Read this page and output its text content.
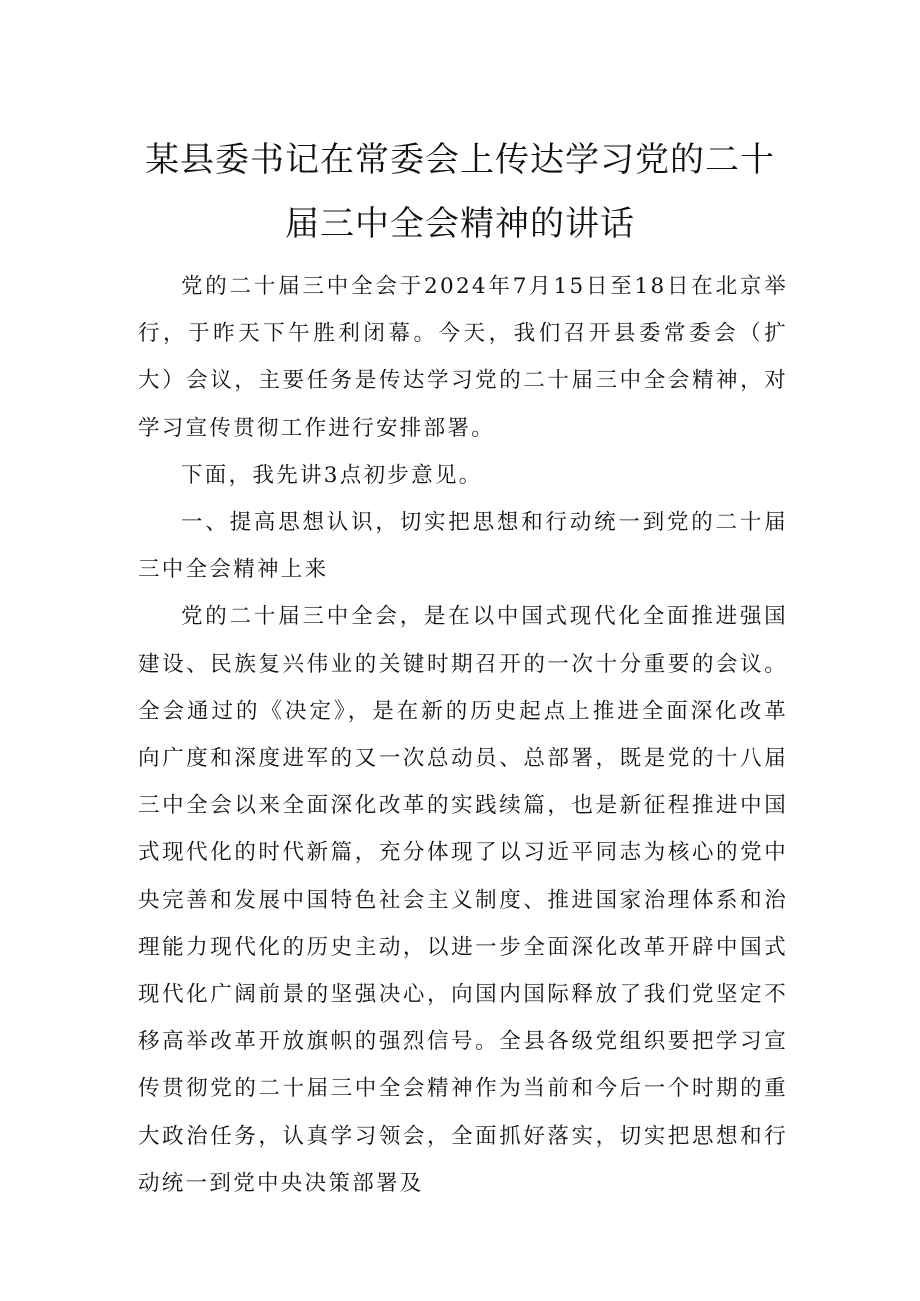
某县委书记在常委会上传达学习党的二十
届三中全会精神的讲话

党的二十届三中全会于2024年7月15日至18日在北京举行，于昨天下午胜利闭幕。今天，我们召开县委常委会（扩大）会议，主要任务是传达学习党的二十届三中全会精神，对学习宣传贯彻工作进行安排部署。

下面，我先讲3点初步意见。

一、提高思想认识，切实把思想和行动统一到党的二十届三中全会精神上来

党的二十届三中全会，是在以中国式现代化全面推进强国建设、民族复兴伟业的关键时期召开的一次十分重要的会议。全会通过的《决定》，是在新的历史起点上推进全面深化改革向广度和深度进军的又一次总动员、总部署，既是党的十八届三中全会以来全面深化改革的实践续篇，也是新征程推进中国式现代化的时代新篇，充分体现了以习近平同志为核心的党中央完善和发展中国特色社会主义制度、推进国家治理体系和治理能力现代化的历史主动，以进一步全面深化改革开辟中国式现代化广阔前景的坚强决心，向国内国际释放了我们党坚定不移高举改革开放旗帜的强烈信号。全县各级党组织要把学习宣传贯彻党的二十届三中全会精神作为当前和今后一个时期的重大政治任务，认真学习领会，全面抓好落实，切实把思想和行动统一到党中央决策部署及
